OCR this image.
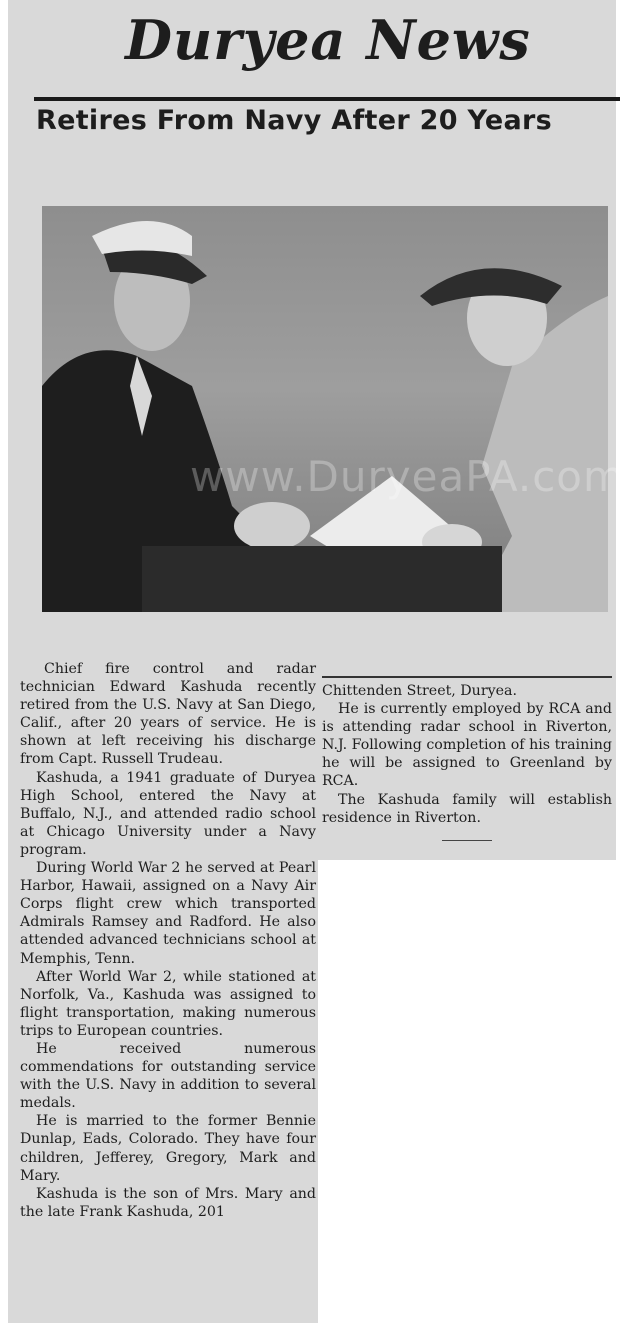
Duryea News
Retires From Navy After 20 Years
www.DuryeaPA.com

Chief fire control and radar technician Edward Kashuda recently retired from the U.S. Navy at San Diego, Calif., after 20 years of service. He is shown at left receiving his discharge from Capt. Russell Trudeau.

Kashuda, a 1941 graduate of Duryea High School, entered the Navy at Buffalo, N.J., and attended radio school at Chicago University under a Navy program.

During World War 2 he served at Pearl Harbor, Hawaii, assigned on a Navy Air Corps flight crew which transported Admirals Ramsey and Radford. He also attended advanced technicians school at Memphis, Tenn.

After World War 2, while stationed at Norfolk, Va., Kashuda was assigned to flight transportation, making numerous trips to European countries.

He received numerous commendations for outstanding service with the U.S. Navy in addition to several medals.

He is married to the former Bennie Dunlap, Eads, Colorado. They have four children, Jefferey, Gregory, Mark and Mary.

Kashuda is the son of Mrs. Mary and the late Frank Kashuda, 201

Chittenden Street, Duryea.

He is currently employed by RCA and is attending radar school in Riverton, N.J. Following completion of his training he will be assigned to Greenland by RCA.

The Kashuda family will establish residence in Riverton.
